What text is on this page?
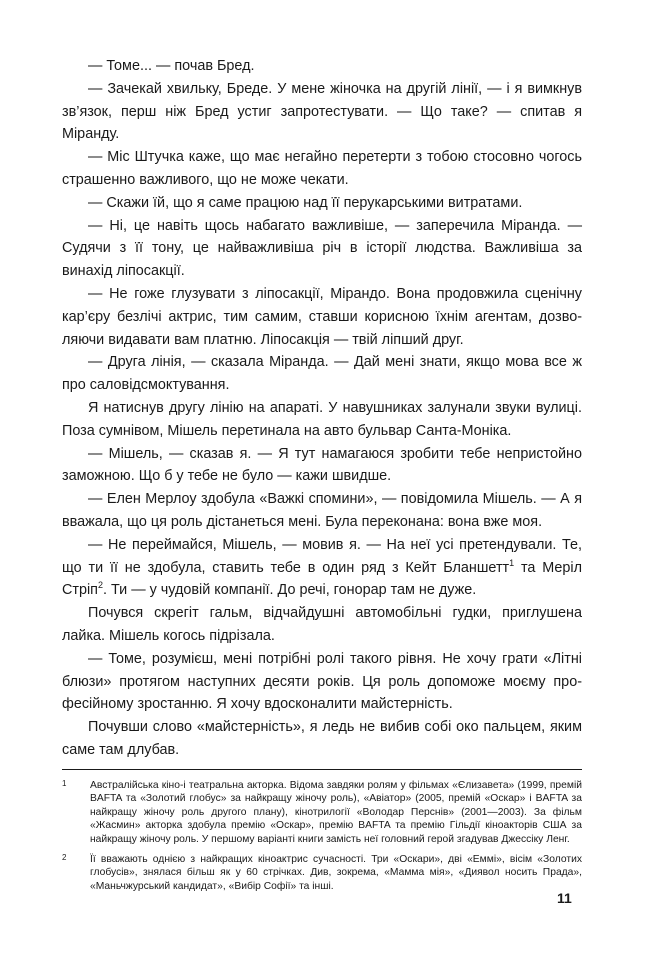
— Томе... — почав Бред.

— Зачекай хвильку, Бреде. У мене жіночка на другій лінії, — і я вимкнув зв’язок, перш ніж Бред устиг запротестувати. — Що таке? — спитав я Міранду.

— Міс Штучка каже, що має негайно перетерти з тобою стосовно чогось страшенно важливого, що не може чекати.

— Скажи їй, що я саме працюю над її перукарськими витратами.

— Ні, це навіть щось набагато важливіше, — заперечила Міранда. — Судячи з її тону, це найважливіша річ в історії людства. Важливіша за винахід ліпосакції.

— Не гоже глузувати з ліпосакції, Мірандо. Вона продовжила сценічну кар’єру безлічі актрис, тим самим, ставши корисною їхнім агентам, дозволяючи видавати вам платню. Ліпосакція — твій ліпший друг.

— Друга лінія, — сказала Міранда. — Дай мені знати, якщо мова все ж про саловідсмоктування.

Я натиснув другу лінію на апараті. У навушниках залунали звуки вулиці. Поза сумнівом, Мішель перетинала на авто бульвар Санта-Моніка.

— Мішель, — сказав я. — Я тут намагаюся зробити тебе непристойно заможною. Що б у тебе не було — кажи швидше.

— Елен Мерлоу здобула «Важкі спомини», — повідомила Мішель. — А я вважала, що ця роль дістанеться мені. Була переконана: вона вже моя.

— Не переймайся, Мішель, — мовив я. — На неї усі претендували. Те, що ти її не здобула, ставить тебе в один ряд з Кейт Бланшетт$^1$ та Меріл Стріп$^2$. Ти — у чудовій компанії. До речі, гонорар там не дуже.

Почувся скрегіт гальм, відчайдушні автомобільні гудки, приглушена лайка. Мішель когось підрізала.

— Томе, розумієш, мені потрібні ролі такого рівня. Не хочу грати «Літні блюзи» протягом наступних десяти років. Ця роль допоможе моєму професійному зростанню. Я хочу вдосконалити майстерність.

Почувши слово «майстерність», я ледь не вибив собі око пальцем, яким саме там длубав.

1 Австралійська кіно-і театральна акторка. Відома завдяки ролям у фільмах «Єлизавета» (1999, премій BAFTA та «Золотий глобус» за найкращу жіночу роль), «Авіатор» (2005, премій «Оскар» і BAFTA за найкращу жіночу роль другого плану), кінотрилогії «Володар Перснів» (2001—2003). За фільм «Жасмин» акторка здобула премію «Оскар», премію BAFTA та премію Гільдії кіноакторів США за найкращу жіночу роль. У першому варіанті книги замість неї головний герой згадував Джессіку Ленг.
2 Її вважають однією з найкращих кіноактрис сучасності. Три «Оскари», дві «Еммі», вісім «Золотих глобусів», знялася більш як у 60 стрічках. Див, зокрема, «Мамма мія», «Диявол носить Прада», «Маньчжурський кандидат», «Вибір Софії» та інші.
11
